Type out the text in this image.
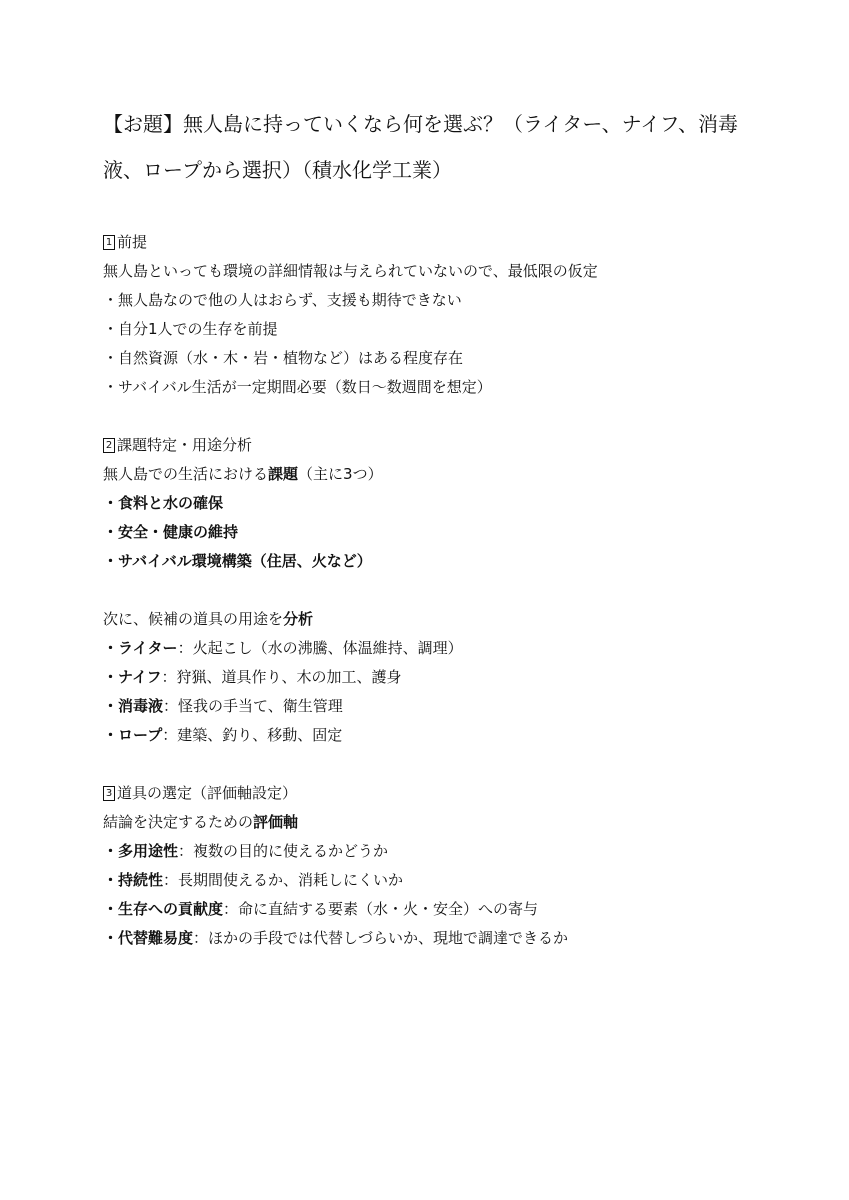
【お題】無人島に持っていくなら何を選ぶ？（ライター、ナイフ、消毒液、ロープから選択）（積水化学工業）
1 前提
無人島といっても環境の詳細情報は与えられていないので、最低限の仮定
・無人島なので他の人はおらず、支援も期待できない
・自分1人での生存を前提
・自然資源（水・木・岩・植物など）はある程度存在
・サバイバル生活が一定期間必要（数日〜数週間を想定）
2 課題特定・用途分析
無人島での生活における課題（主に3つ）
・食料と水の確保
・安全・健康の維持
・サバイバル環境構築（住居、火など）
次に、候補の道具の用途を分析
・ライター：火起こし（水の沸騰、体温維持、調理）
・ナイフ：狩猟、道具作り、木の加工、護身
・消毒液：怪我の手当て、衛生管理
・ロープ：建築、釣り、移動、固定
3 道具の選定（評価軸設定）
結論を決定するための評価軸
・多用途性：複数の目的に使えるかどうか
・持続性：長期間使えるか、消耗しにくいか
・生存への貢献度：命に直結する要素（水・火・安全）への寄与
・代替難易度：ほかの手段では代替しづらいか、現地で調達できるか
